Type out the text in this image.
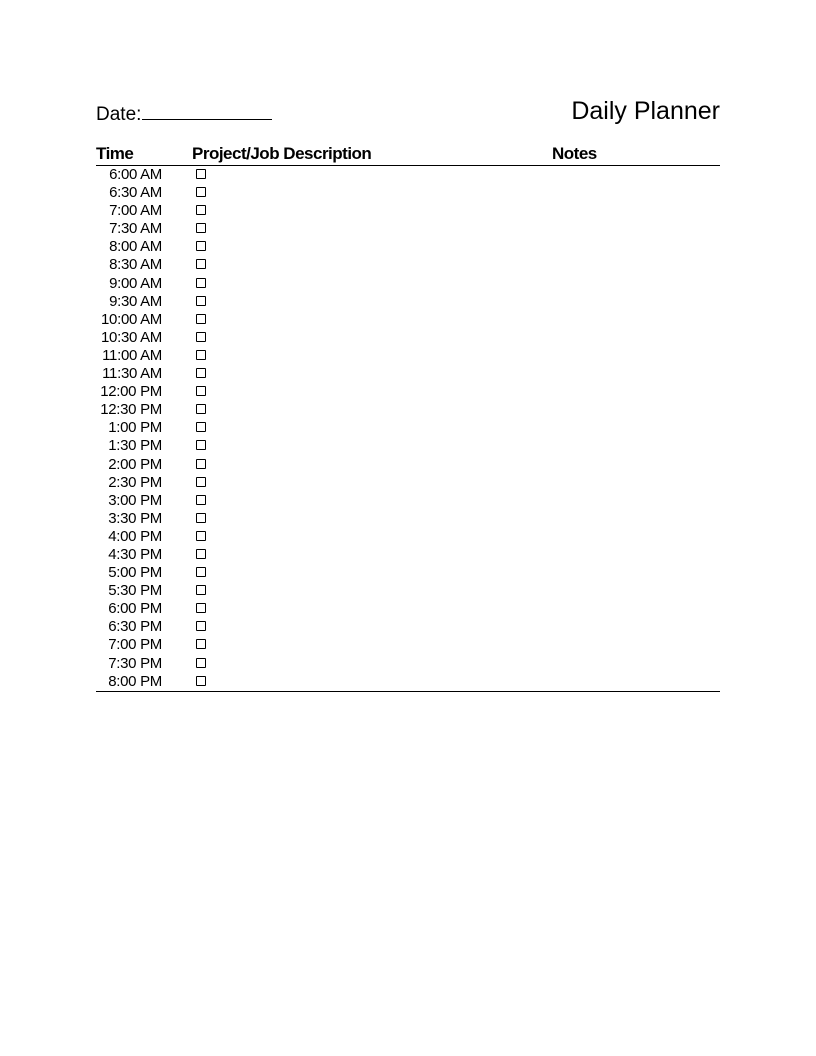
Date:	Daily Planner
Time	Project/Job Description	Notes
6:00 AM
6:30 AM
7:00 AM
7:30 AM
8:00 AM
8:30 AM
9:00 AM
9:30 AM
10:00 AM
10:30 AM
11:00 AM
11:30 AM
12:00 PM
12:30 PM
1:00 PM
1:30 PM
2:00 PM
2:30 PM
3:00 PM
3:30 PM
4:00 PM
4:30 PM
5:00 PM
5:30 PM
6:00 PM
6:30 PM
7:00 PM
7:30 PM
8:00 PM
